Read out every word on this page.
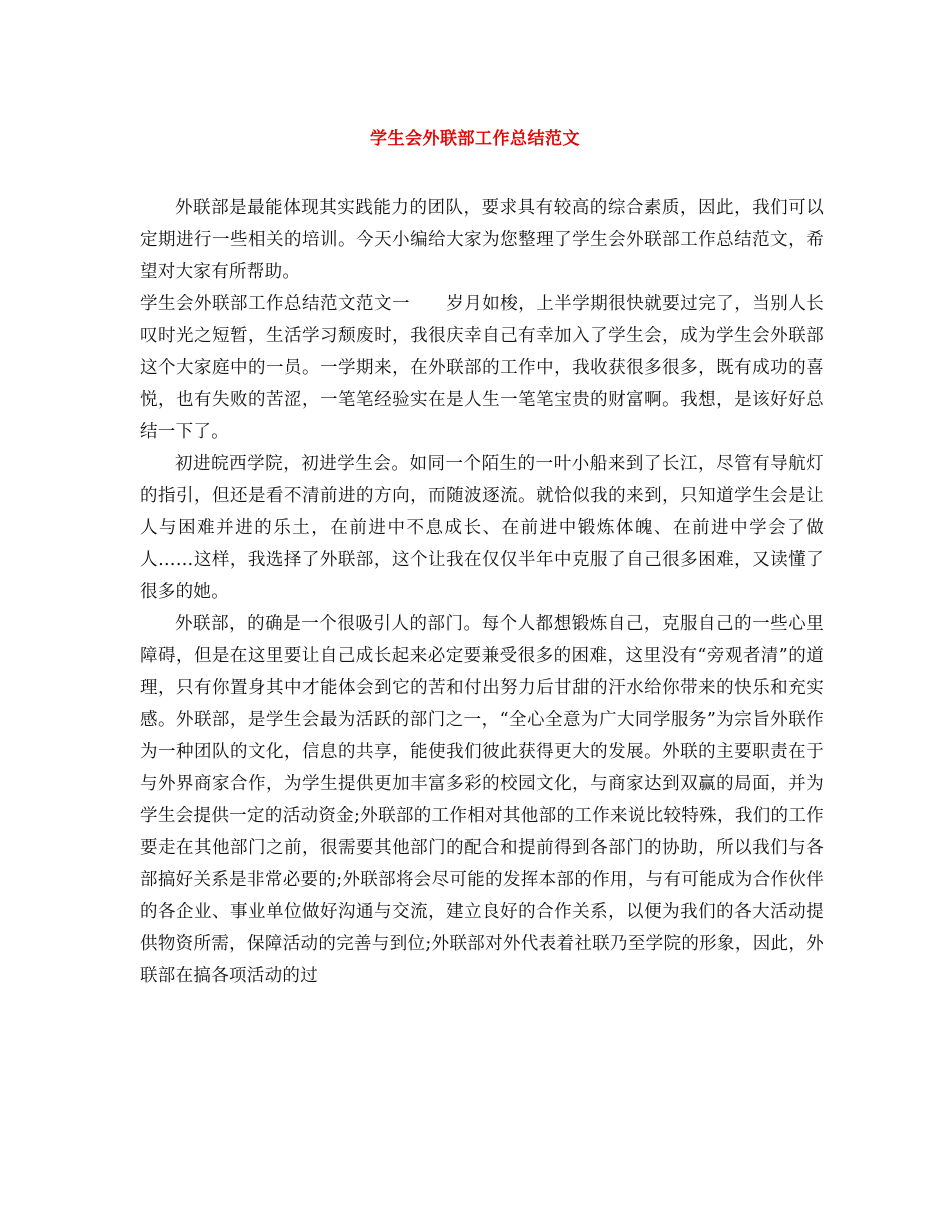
学生会外联部工作总结范文

外联部是最能体现其实践能力的团队，要求具有较高的综合素质，因此，我们可以定期进行一些相关的培训。今天小编给大家为您整理了学生会外联部工作总结范文，希望对大家有所帮助。

学生会外联部工作总结范文范文一 岁月如梭，上半学期很快就要过完了，当别人长叹时光之短暂，生活学习颓废时，我很庆幸自己有幸加入了学生会，成为学生会外联部这个大家庭中的一员。一学期来，在外联部的工作中，我收获很多很多，既有成功的喜悦，也有失败的苦涩，一笔笔经验实在是人生一笔笔宝贵的财富啊。我想，是该好好总结一下了。

初进皖西学院，初进学生会。如同一个陌生的一叶小船来到了长江，尽管有导航灯的指引，但还是看不清前进的方向，而随波逐流。就恰似我的来到，只知道学生会是让人与困难并进的乐土，在前进中不息成长、在前进中锻炼体魄、在前进中学会了做人……这样，我选择了外联部，这个让我在仅仅半年中克服了自己很多困难，又读懂了很多的她。

外联部，的确是一个很吸引人的部门。每个人都想锻炼自己，克服自己的一些心里障碍，但是在这里要让自己成长起来必定要兼受很多的困难，这里没有“旁观者清”的道理，只有你置身其中才能体会到它的苦和付出努力后甘甜的汗水给你带来的快乐和充实感。外联部，是学生会最为活跃的部门之一，“全心全意为广大同学服务”为宗旨外联作为一种团队的文化，信息的共享，能使我们彼此获得更大的发展。外联的主要职责在于与外界商家合作，为学生提供更加丰富多彩的校园文化，与商家达到双赢的局面，并为学生会提供一定的活动资金;外联部的工作相对其他部的工作来说比较特殊，我们的工作要走在其他部门之前，很需要其他部门的配合和提前得到各部门的协助，所以我们与各部搞好关系是非常必要的;外联部将会尽可能的发挥本部的作用，与有可能成为合作伙伴的各企业、事业单位做好沟通与交流，建立良好的合作关系，以便为我们的各大活动提供物资所需，保障活动的完善与到位;外联部对外代表着社联乃至学院的形象，因此，外联部在搞各项活动的过
